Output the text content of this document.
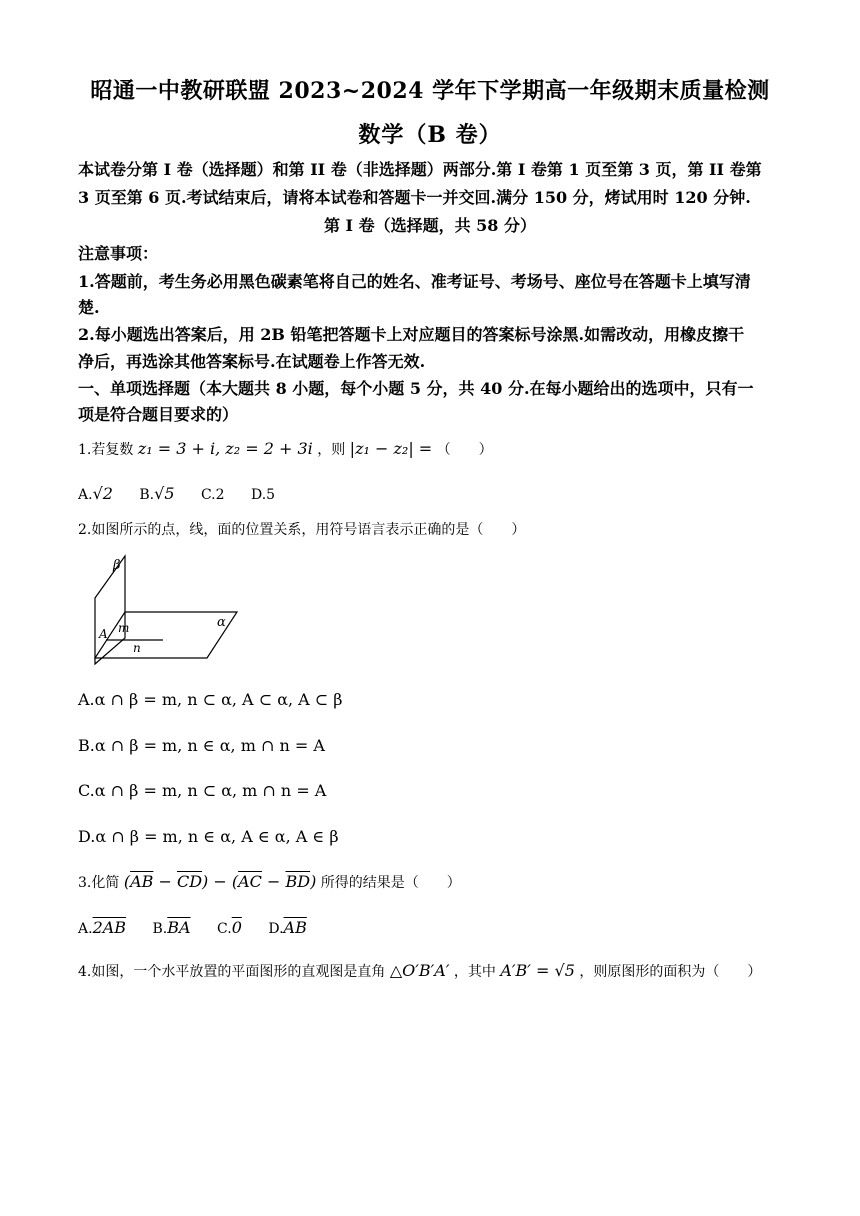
昭通一中教研联盟 2023~2024 学年下学期高一年级期末质量检测
数学（B 卷）
本试卷分第 I 卷（选择题）和第 II 卷（非选择题）两部分.第 I 卷第 1 页至第 3 页，第 II 卷第
3 页至第 6 页.考试结束后，请将本试卷和答题卡一并交回.满分 150 分，烤试用时 120 分钟.
第 I 卷（选择题，共 58 分）
注意事项：
1.答题前，考生务必用黑色碳素笔将自己的姓名、准考证号、考场号、座位号在答题卡上填写清
楚.
2.每小题选出答案后，用 2B 铅笔把答题卡上对应题目的答案标号涂黑.如需改动，用橡皮擦干
净后，再选涂其他答案标号.在试题卷上作答无效.
一、单项选择题（本大题共 8 小题，每个小题 5 分，共 40 分.在每小题给出的选项中，只有一
项是符合题目要求的）
1.若复数 z₁ = 3 + i, z₂ = 2 + 3i ，则 |z₁ − z₂| = （　　）
A.√2 B.√5 C.2 D.5
2.如图所示的点，线，面的位置关系，用符号语言表示正确的是（　　）
β
α
A m
n
A.α ∩ β = m, n ⊂ α, A ⊂ α, A ⊂ β
B.α ∩ β = m, n ∈ α, m ∩ n = A
C.α ∩ β = m, n ⊂ α, m ∩ n = A
D.α ∩ β = m, n ∈ α, A ∈ α, A ∈ β
3.化简 $(\overline{AB} - \overline{CD}) - (\overline{AC} - \overline{BD})$ 所得的结果是（　　）
A.2AB $B.\overline{BA}$ C.0 $D.\overline{AB}$
4.如图，一个水平放置的平面图形的直观图是直角 △O′B′A′ ，其中 A′B′ = √5 ，则原图形的面积为（　　）
